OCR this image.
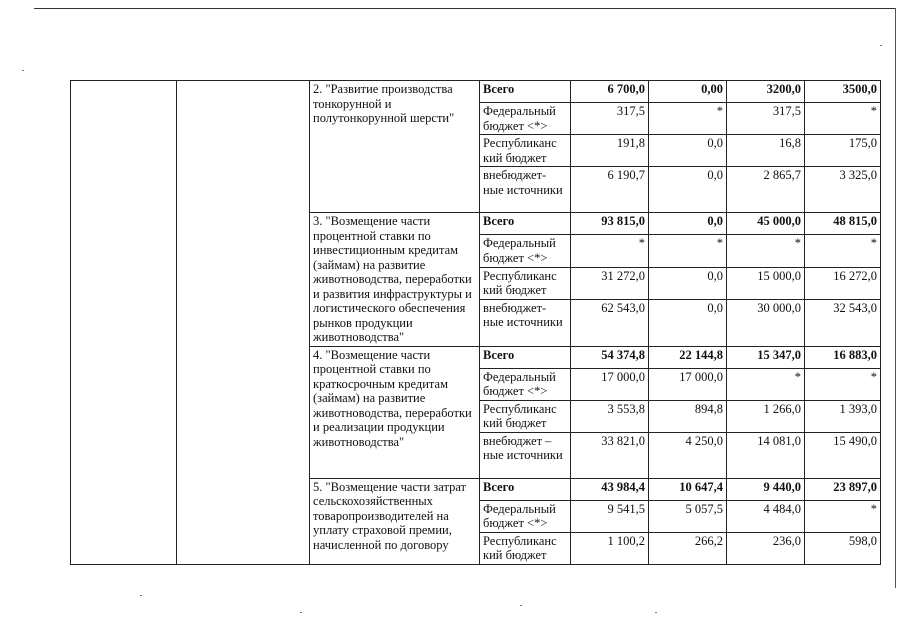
		2. "Развитие производства тонкорунной и полутонкорунной шерсти"	Всего	6 700,0	0,00	3200,0	3500,0
			Федеральный бюджет <*>	317,5	*	317,5	*
			Республиканс кий бюджет	191,8	0,0	16,8	175,0
			внебюджет- ные источники	6 190,7	0,0	2 865,7	3 325,0
		3. "Возмещение части процентной ставки по инвестиционным кредитам (займам) на развитие животноводства, переработки и развития инфраструктуры и логистического обеспечения рынков продукции животноводства"	Всего	93 815,0	0,0	45 000,0	48 815,0
			Федеральный бюджет <*>	*	*	*	*
			Республиканс кий бюджет	31 272,0	0,0	15 000,0	16 272,0
			внебюджет- ные источники	62 543,0	0,0	30 000,0	32 543,0
		4. "Возмещение части процентной ставки по краткосрочным кредитам (займам) на развитие животноводства, переработки и реализации продукции животноводства"	Всего	54 374,8	22 144,8	15 347,0	16 883,0
			Федеральный бюджет <*>	17 000,0	17 000,0	*	*
			Республиканс кий бюджет	3 553,8	894,8	1 266,0	1 393,0
			внебюджет – ные источники	33 821,0	4 250,0	14 081,0	15 490,0
		5. "Возмещение части затрат сельскохозяйственных товаропроизводителей на уплату страховой премии, начисленной по договору	Всего	43 984,4	10 647,4	9 440,0	23 897,0
			Федеральный бюджет <*>	9 541,5	5 057,5	4 484,0	*
			Республиканс кий бюджет	1 100,2	266,2	236,0	598,0
